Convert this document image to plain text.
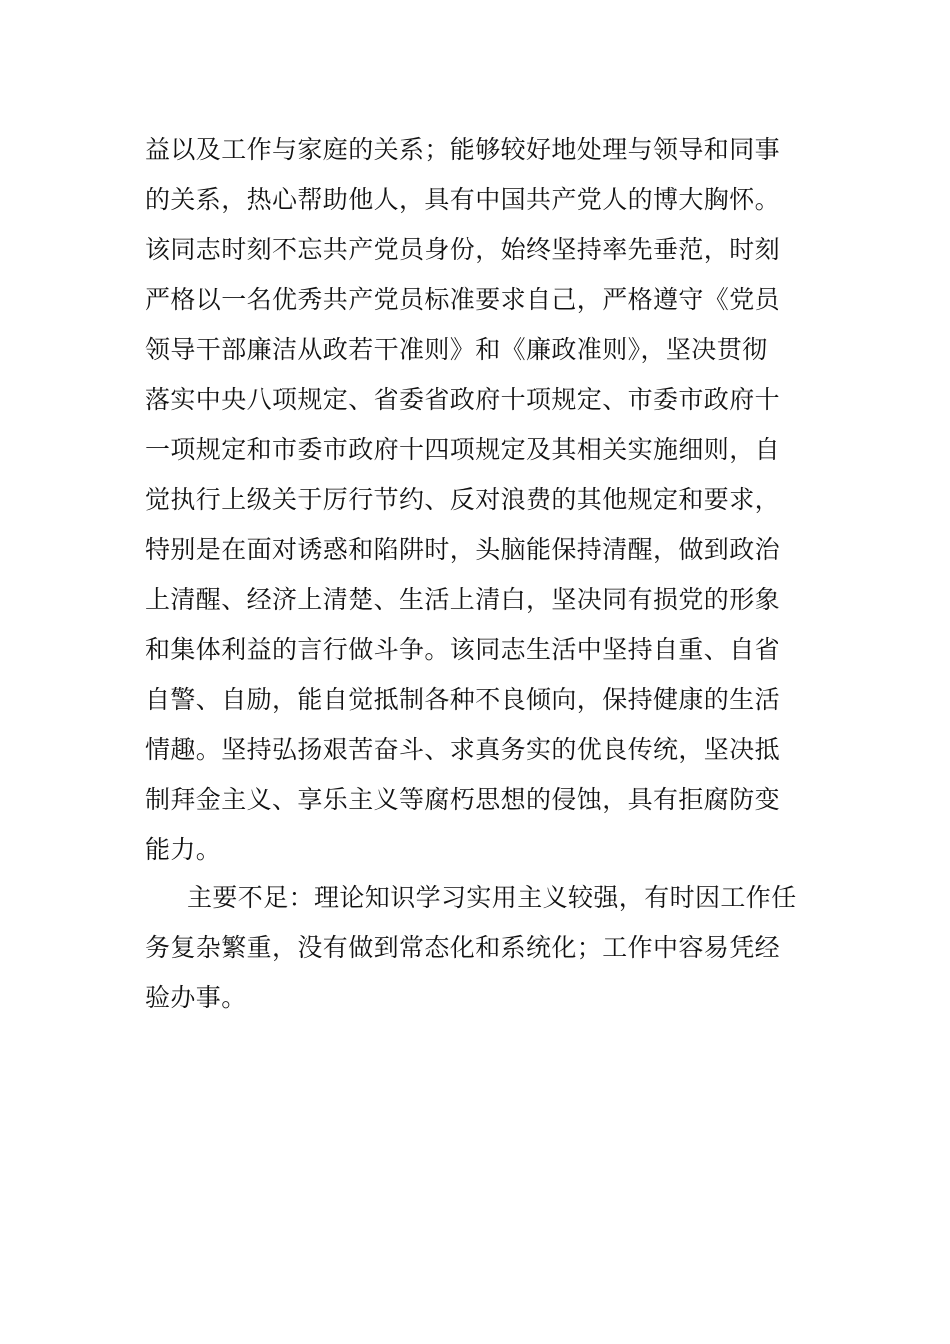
益以及工作与家庭的关系；能够较好地处理与领导和同事
的关系，热心帮助他人，具有中国共产党人的博大胸怀。
该同志时刻不忘共产党员身份，始终坚持率先垂范，时刻
严格以一名优秀共产党员标准要求自己，严格遵守《党员
领导干部廉洁从政若干准则》和《廉政准则》，坚决贯彻
落实中央八项规定、省委省政府十项规定、市委市政府十
一项规定和市委市政府十四项规定及其相关实施细则，自
觉执行上级关于厉行节约、反对浪费的其他规定和要求，
特别是在面对诱惑和陷阱时，头脑能保持清醒，做到政治
上清醒、经济上清楚、生活上清白，坚决同有损党的形象
和集体利益的言行做斗争。该同志生活中坚持自重、自省
自警、自励，能自觉抵制各种不良倾向，保持健康的生活
情趣。坚持弘扬艰苦奋斗、求真务实的优良传统，坚决抵
制拜金主义、享乐主义等腐朽思想的侵蚀，具有拒腐防变
能力。
主要不足：理论知识学习实用主义较强，有时因工作任
务复杂繁重，没有做到常态化和系统化；工作中容易凭经
验办事。
